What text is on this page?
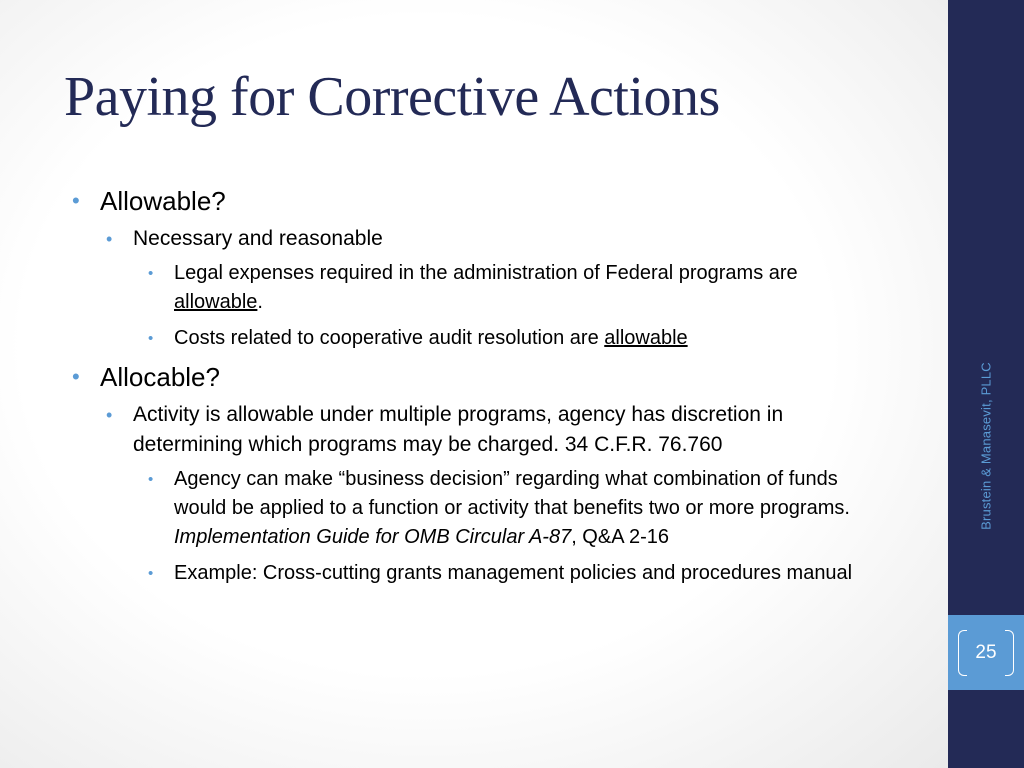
Paying for Corrective Actions
• Allowable?
• Necessary and reasonable
• Legal expenses required in the administration of Federal programs are allowable.
• Costs related to cooperative audit resolution are allowable
• Allocable?
• Activity is allowable under multiple programs, agency has discretion in determining which programs may be charged. 34 C.F.R. 76.760
• Agency can make “business decision” regarding what combination of funds would be applied to a function or activity that benefits two or more programs. Implementation Guide for OMB Circular A-87, Q&A 2-16
• Example: Cross-cutting grants management policies and procedures manual
Brustein & Manasevit, PLLC
25
